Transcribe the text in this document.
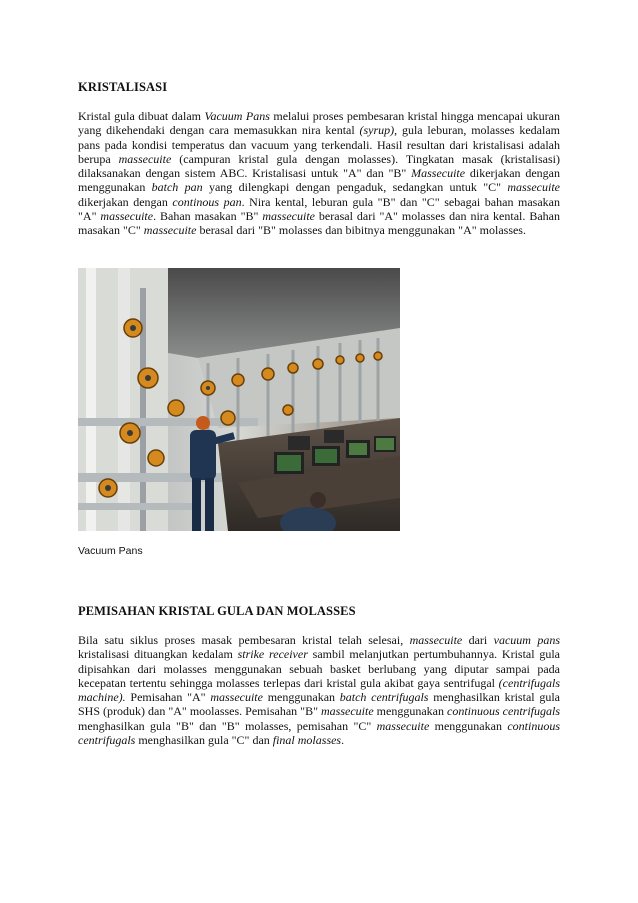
KRISTALISASI

Kristal gula dibuat dalam Vacuum Pans melalui proses pembesaran kristal hingga mencapai ukuran yang dikehendaki dengan cara memasukkan nira kental (syrup), gula leburan, molasses kedalam pans pada kondisi temperatus dan vacuum yang terkendali. Hasil resultan dari kristalisasi adalah berupa massecuite (campuran kristal gula dengan molasses). Tingkatan masak (kristalisasi) dilaksanakan dengan sistem ABC. Kristalisasi untuk "A" dan "B" Massecuite dikerjakan dengan menggunakan batch pan yang dilengkapi dengan pengaduk, sedangkan untuk "C" massecuite dikerjakan dengan continous pan. Nira kental, leburan gula "B" dan "C" sebagai bahan masakan "A" massecuite. Bahan masakan "B" massecuite berasal dari "A" molasses dan nira kental. Bahan masakan "C" massecuite berasal dari "B" molasses dan bibitnya menggunakan "A" molasses.

Vacuum Pans
PEMISAHAN KRISTAL GULA DAN MOLASSES

Bila satu siklus proses masak pembesaran kristal telah selesai, massecuite dari vacuum pans kristalisasi dituangkan kedalam strike receiver sambil melanjutkan pertumbuhannya. Kristal gula dipisahkan dari molasses menggunakan sebuah basket berlubang yang diputar sampai pada kecepatan tertentu sehingga molasses terlepas dari kristal gula akibat gaya sentrifugal (centrifugals machine). Pemisahan "A" massecuite menggunakan batch centrifugals menghasilkan kristal gula SHS (produk) dan "A" moolasses. Pemisahan "B" massecuite menggunakan continuous centrifugals menghasilkan gula "B" dan "B" molasses, pemisahan "C" massecuite menggunakan continuous centrifugals menghasilkan gula "C" dan final molasses.
